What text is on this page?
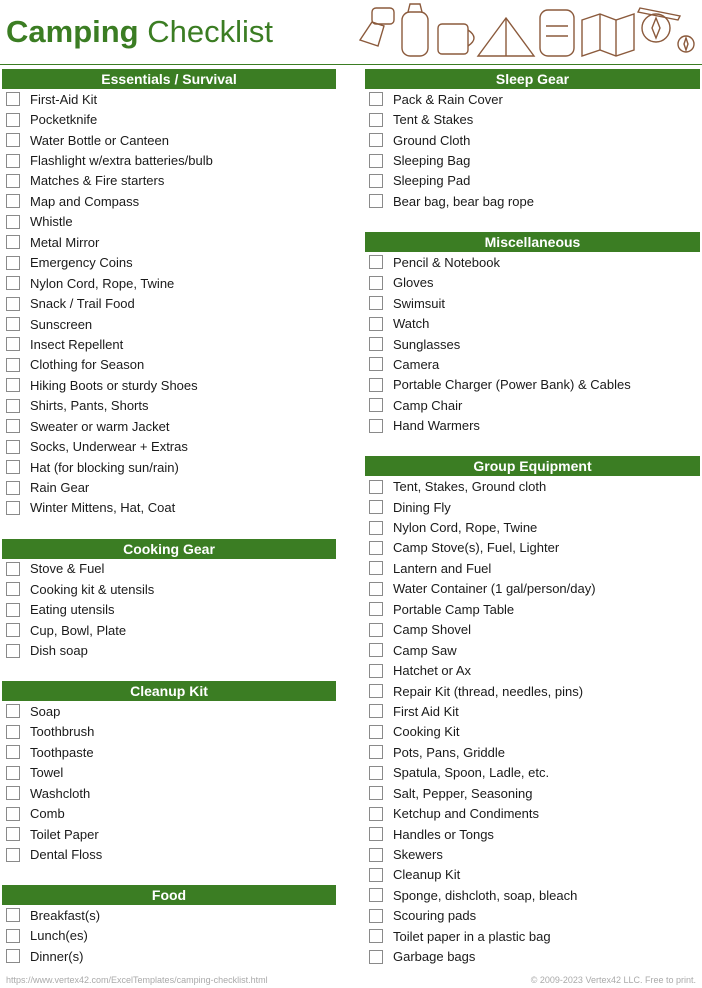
Camping Checklist
Essentials / Survival
First-Aid Kit
Pocketknife
Water Bottle or Canteen
Flashlight w/extra batteries/bulb
Matches & Fire starters
Map and Compass
Whistle
Metal Mirror
Emergency Coins
Nylon Cord, Rope, Twine
Snack / Trail Food
Sunscreen
Insect Repellent
Clothing for Season
Hiking Boots or sturdy Shoes
Shirts, Pants, Shorts
Sweater or warm Jacket
Socks, Underwear + Extras
Hat (for blocking sun/rain)
Rain Gear
Winter Mittens, Hat, Coat
Cooking Gear
Stove & Fuel
Cooking kit & utensils
Eating utensils
Cup, Bowl, Plate
Dish soap
Cleanup Kit
Soap
Toothbrush
Toothpaste
Towel
Washcloth
Comb
Toilet Paper
Dental Floss
Food
Breakfast(s)
Lunch(es)
Dinner(s)
Sleep Gear
Pack & Rain Cover
Tent & Stakes
Ground Cloth
Sleeping Bag
Sleeping Pad
Bear bag, bear bag rope
Miscellaneous
Pencil & Notebook
Gloves
Swimsuit
Watch
Sunglasses
Camera
Portable Charger (Power Bank) & Cables
Camp Chair
Hand Warmers
Group Equipment
Tent, Stakes, Ground cloth
Dining Fly
Nylon Cord, Rope, Twine
Camp Stove(s), Fuel, Lighter
Lantern and Fuel
Water Container (1 gal/person/day)
Portable Camp Table
Camp Shovel
Camp Saw
Hatchet or Ax
Repair Kit (thread, needles, pins)
First Aid Kit
Cooking Kit
Pots, Pans, Griddle
Spatula, Spoon, Ladle, etc.
Salt, Pepper, Seasoning
Ketchup and Condiments
Handles or Tongs
Skewers
Cleanup Kit
Sponge, dishcloth, soap, bleach
Scouring pads
Toilet paper in a plastic bag
Garbage bags
https://www.vertex42.com/ExcelTemplates/camping-checklist.html	© 2009-2023 Vertex42 LLC. Free to print.
